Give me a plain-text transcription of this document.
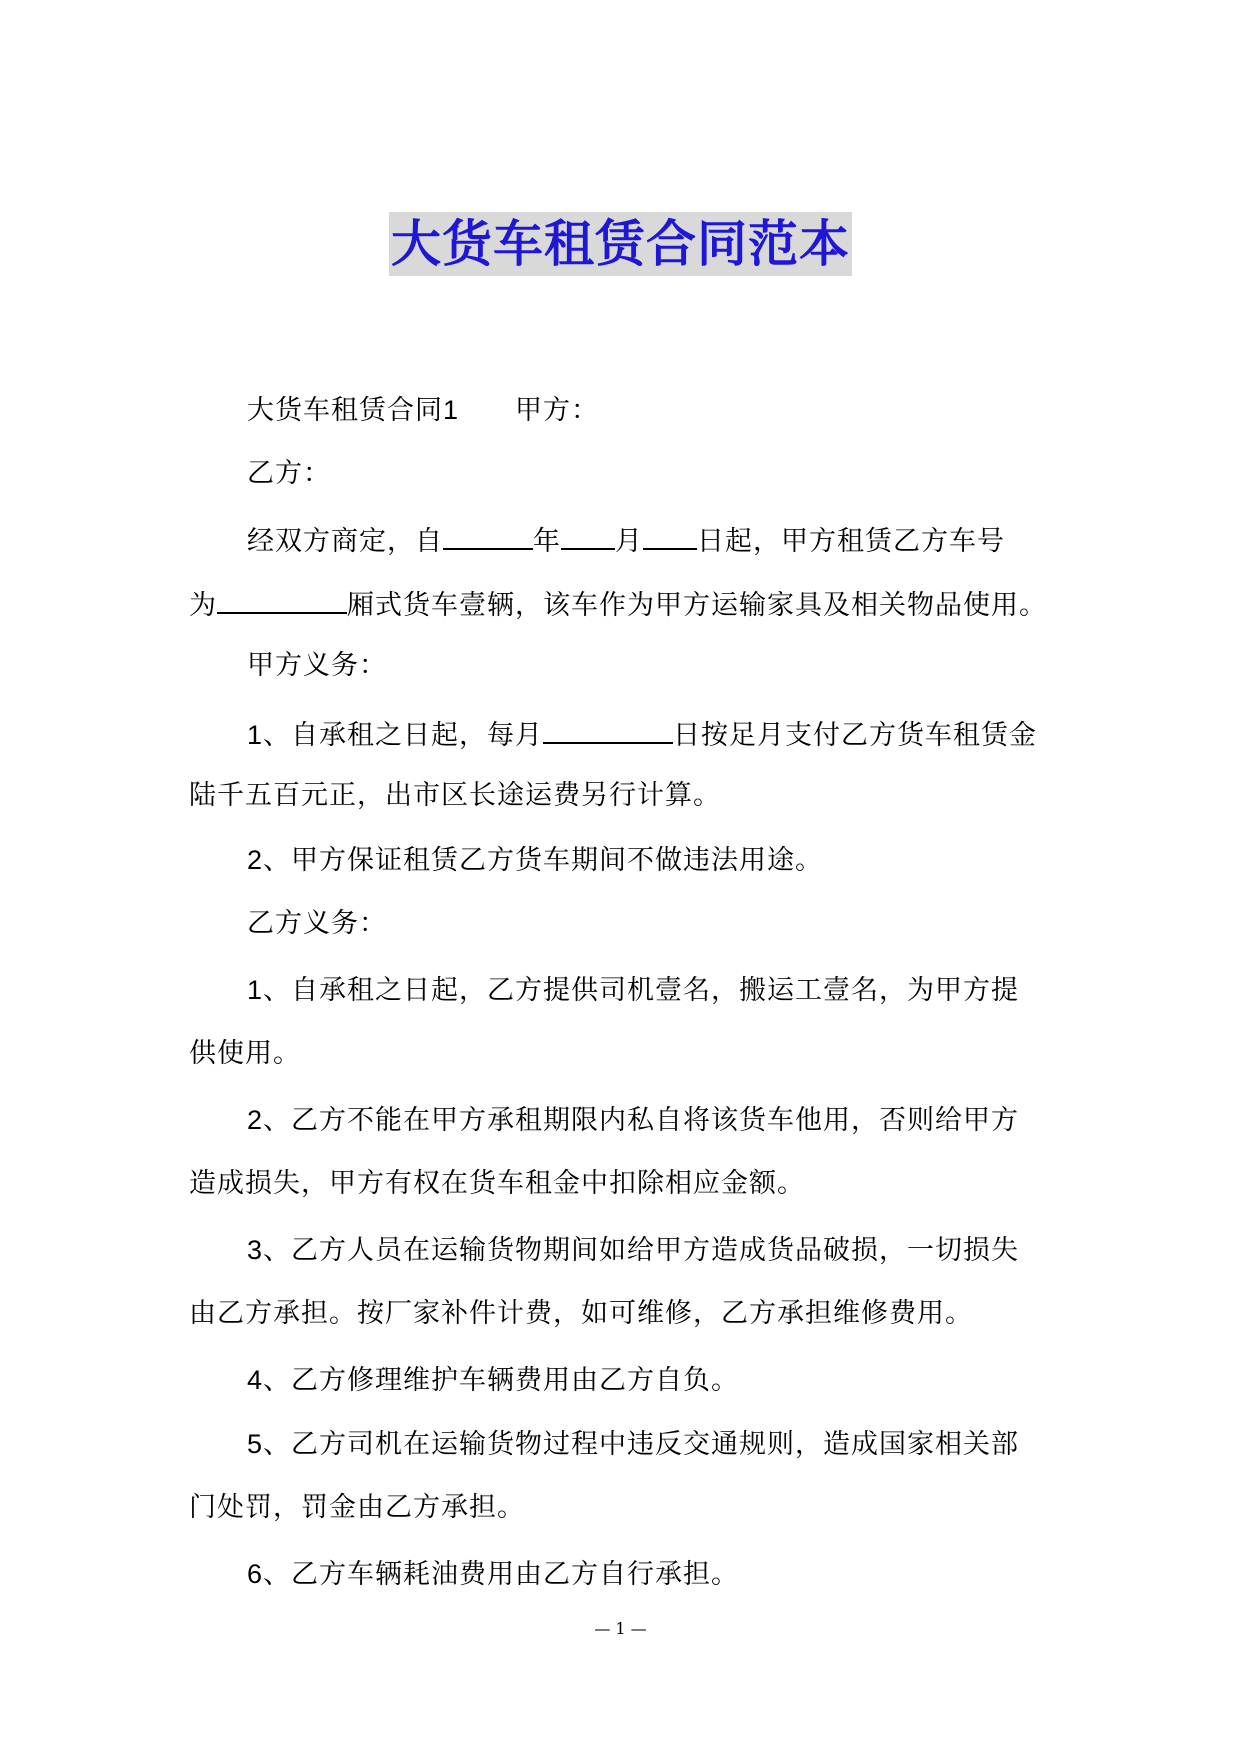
大货车租赁合同范本
大货车租赁合同1 甲方：
乙方：
经双方商定，自	年 月 日起，甲方租赁乙方车号
为	厢式货车壹辆，该车作为甲方运输家具及相关物品使用。
甲方义务：
1、自承租之日起，每月	日按足月支付乙方货车租赁金
陆千五百元正，出市区长途运费另行计算。
2、甲方保证租赁乙方货车期间不做违法用途。
乙方义务：
1、自承租之日起，乙方提供司机壹名，搬运工壹名，为甲方提
供使用。
2、乙方不能在甲方承租期限内私自将该货车他用，否则给甲方
造成损失，甲方有权在货车租金中扣除相应金额。
3、乙方人员在运输货物期间如给甲方造成货品破损，一切损失
由乙方承担。按厂家补件计费，如可维修，乙方承担维修费用。
4、乙方修理维护车辆费用由乙方自负。
5、乙方司机在运输货物过程中违反交通规则，造成国家相关部
门处罚，罚金由乙方承担。
6、乙方车辆耗油费用由乙方自行承担。
— 1 —
